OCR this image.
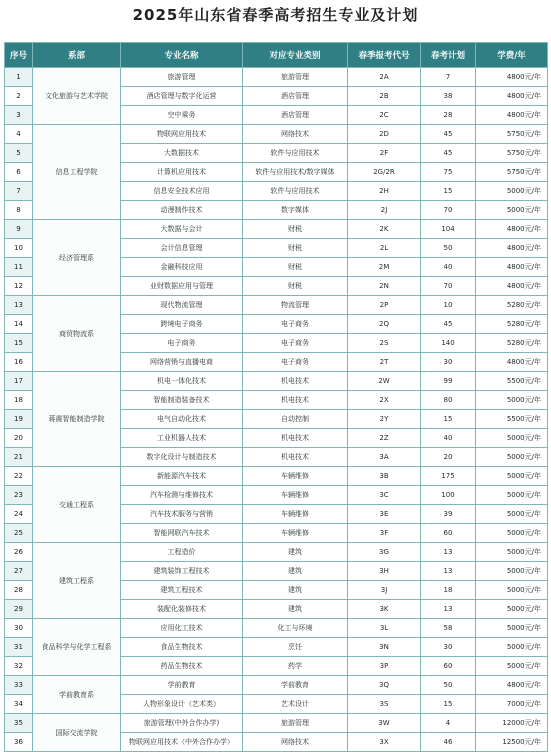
2025年山东省春季高考招生专业及计划
序号	系部	专业名称	对应专业类别	春季报考代号	春考计划	学费/年
1	文化旅游与艺术学院	旅游管理	旅游管理	2A	7	4800元/年
2		酒店管理与数字化运营	酒店管理	2B	38	4800元/年
3		空中乘务	酒店管理	2C	28	4800元/年
4	信息工程学院	物联网应用技术	网络技术	2D	45	5750元/年
5		大数据技术	软件与应用技术	2F	45	5750元/年
6		计算机应用技术	软件与应用技术/数字媒体	2G/2R	75	5750元/年
7		信息安全技术应用	软件与应用技术	2H	15	5000元/年
8		动漫制作技术	数字媒体	2J	70	5000元/年
9	经济管理系	大数据与会计	财税	2K	104	4800元/年
10		会计信息管理	财税	2L	50	4800元/年
11		金融科技应用	财税	2M	40	4800元/年
12		业财数据应用与管理	财税	2N	70	4800元/年
13	商贸物流系	现代物流管理	物流管理	2P	10	5280元/年
14		跨境电子商务	电子商务	2Q	45	5280元/年
15		电子商务	电子商务	2S	140	5280元/年
16		网络营销与直播电商	电子商务	2T	30	4800元/年
17	蒋震智能制造学院	机电一体化技术	机电技术	2W	99	5500元/年
18		智能制造装备技术	机电技术	2X	80	5000元/年
19		电气自动化技术	自动控制	2Y	15	5500元/年
20		工业机器人技术	机电技术	2Z	40	5000元/年
21		数字化设计与制造技术	机电技术	3A	20	5000元/年
22	交通工程系	新能源汽车技术	车辆维修	3B	175	5000元/年
23		汽车检测与维修技术	车辆维修	3C	100	5000元/年
24		汽车技术服务与营销	车辆维修	3E	39	5000元/年
25		智能网联汽车技术	车辆维修	3F	60	5000元/年
26	建筑工程系	工程造价	建筑	3G	13	5000元/年
27		建筑装饰工程技术	建筑	3H	13	5000元/年
28		建筑工程技术	建筑	3J	18	5000元/年
29		装配化装修技术	建筑	3K	13	5000元/年
30	食品科学与化学工程系	应用化工技术	化工与环境	3L	58	5000元/年
31		食品生物技术	烹饪	3N	30	5000元/年
32		药品生物技术	药学	3P	60	5000元/年
33	学前教育系	学前教育	学前教育	3Q	50	4800元/年
34		人物形象设计（艺术类）	艺术设计	3S	15	7000元/年
35	国际交流学院	旅游管理(中外合作办学)	旅游管理	3W	4	12000元/年
36		物联网应用技术（中外合作办学）	网络技术	3X	46	12500元/年
